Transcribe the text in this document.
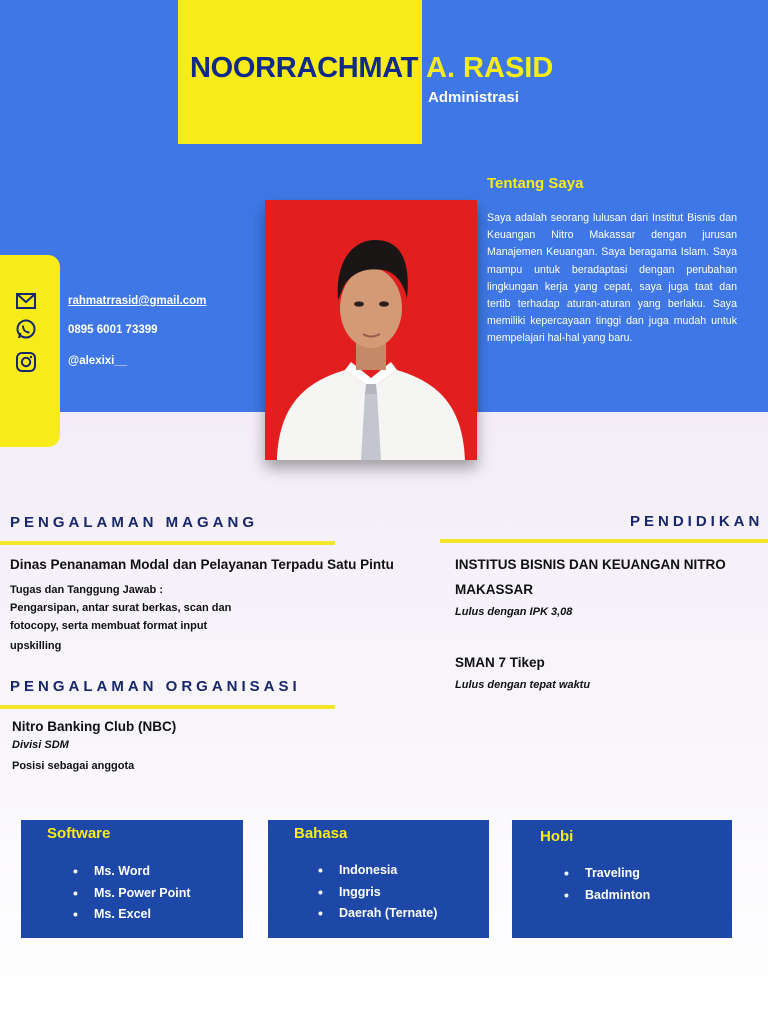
NOORRACHMAT A. RASID
Administrasi
Tentang Saya
Saya adalah seorang lulusan dari Institut Bisnis dan Keuangan Nitro Makassar dengan jurusan Manajemen Keuangan. Saya beragama Islam. Saya mampu untuk beradaptasi dengan perubahan lingkungan kerja yang cepat, saya juga taat dan tertib terhadap aturan-aturan yang berlaku. Saya memiliki kepercayaan tinggi dan juga mudah untuk mempelajari hal-hal yang baru.
rahmatrrasid@gmail.com
0895 6001 73399
@alexixi__
PENGALAMAN MAGANG
Dinas Penanaman Modal dan Pelayanan Terpadu Satu Pintu
Tugas dan Tanggung Jawab :
Pengarsipan, antar surat berkas, scan dan
fotocopy, serta membuat format input
upskilling
PENGALAMAN ORGANISASI
Nitro Banking Club (NBC)
Divisi SDM
Posisi sebagai anggota
PENDIDIKAN
INSTITUS BISNIS DAN KEUANGAN NITRO
MAKASSAR
Lulus dengan IPK 3,08
SMAN 7 Tikep
Lulus dengan tepat waktu
Software
• Ms. Word
• Ms. Power Point
• Ms. Excel
Bahasa
• Indonesia
• Inggris
• Daerah (Ternate)
Hobi
• Traveling
• Badminton
